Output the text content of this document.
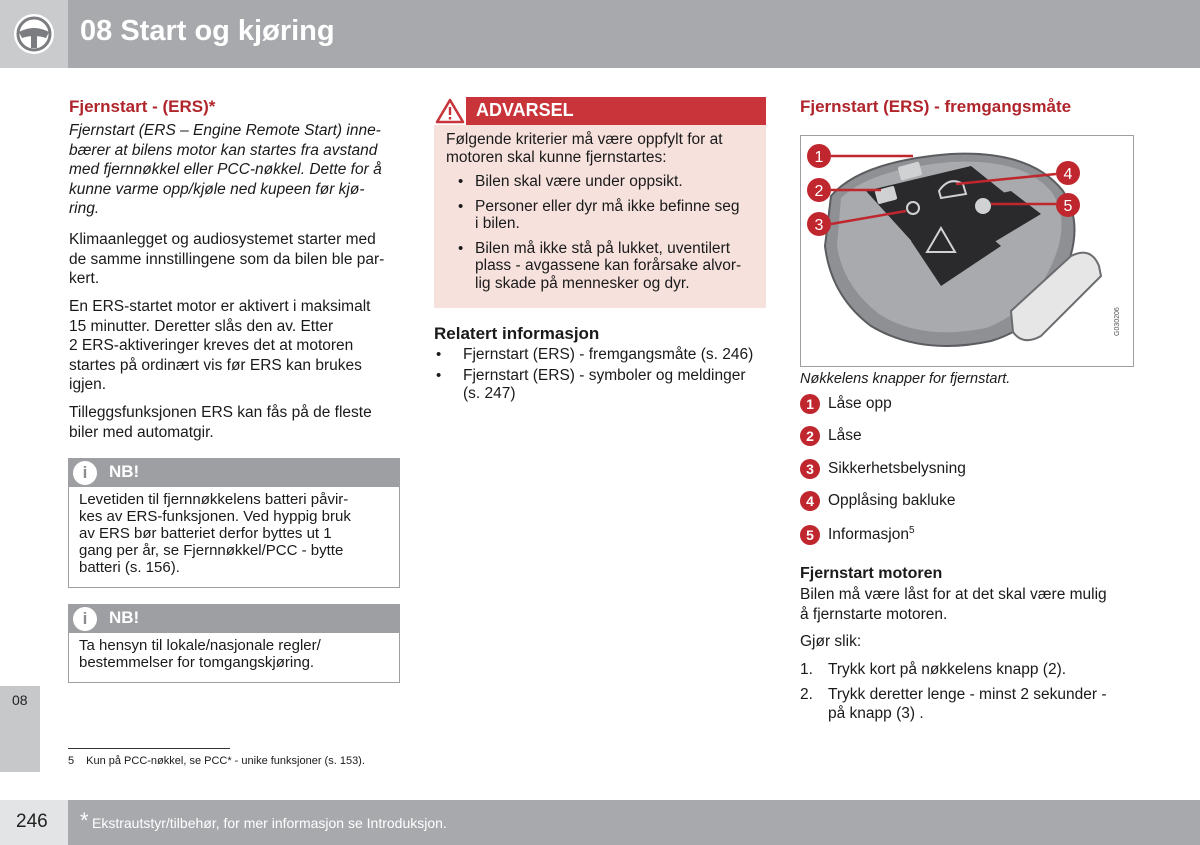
08 Start og kjøring
Fjernstart - (ERS)*
Fjernstart (ERS – Engine Remote Start) inne-
bærer at bilens motor kan startes fra avstand
med fjernnøkkel eller PCC-nøkkel. Dette for å
kunne varme opp/kjøle ned kupeen før kjø-
ring.
Klimaanlegget og audiosystemet starter med
de samme innstillingene som da bilen ble par-
kert.
En ERS-startet motor er aktivert i maksimalt
15 minutter. Deretter slås den av. Etter
2 ERS-aktiveringer kreves det at motoren
startes på ordinært vis før ERS kan brukes
igjen.
Tilleggsfunksjonen ERS kan fås på de fleste
biler med automatgir.
i
NB!
Levetiden til fjernnøkkelens batteri påvir-
kes av ERS-funksjonen. Ved hyppig bruk
av ERS bør batteriet derfor byttes ut 1
gang per år, se Fjernnøkkel/PCC - bytte
batteri (s. 156).
i
NB!
Ta hensyn til lokale/nasjonale regler/
bestemmelser for tomgangskjøring.
ADVARSEL
Følgende kriterier må være oppfylt for at
motoren skal kunne fjernstartes:
• Bilen skal være under oppsikt.
• Personer eller dyr må ikke befinne seg
i bilen.
• Bilen må ikke stå på lukket, uventilert
plass - avgassene kan forårsake alvor-
lig skade på mennesker og dyr.
Relatert informasjon
• Fjernstart (ERS) - fremgangsmåte (s. 246)
• Fjernstart (ERS) - symboler og meldinger
(s. 247)
Fjernstart (ERS) - fremgangsmåte
1
2
3
4
5
G030206
Nøkkelens knapper for fjernstart.
1 Låse opp
2 Låse
3 Sikkerhetsbelysning
4 Opplåsing bakluke
5 Informasjon$^5$
Fjernstart motoren
Bilen må være låst for at det skal være mulig
å fjernstarte motoren.
Gjør slik:
1. Trykk kort på nøkkelens knapp (2).
2. Trykk deretter lenge - minst 2 sekunder -
på knapp (3) .
5 Kun på PCC-nøkkel, se PCC* - unike funksjoner (s. 153).
08
246 * Ekstrautstyr/tilbehør, for mer informasjon se Introduksjon.
